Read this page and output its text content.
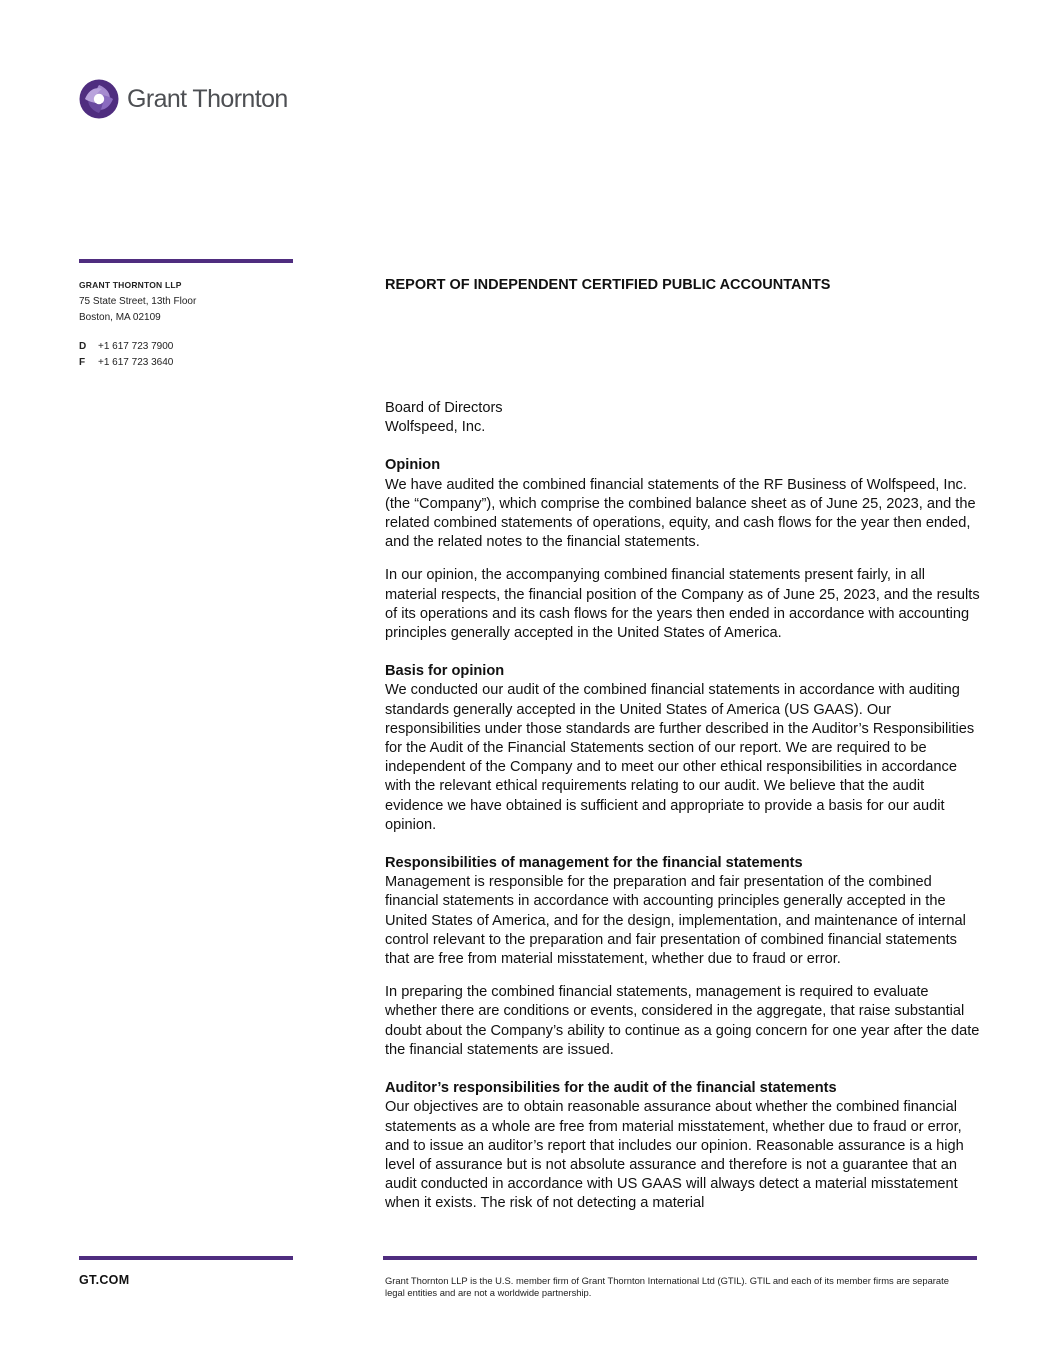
Grant Thornton
GRANT THORNTON LLP
75 State Street, 13th Floor
Boston, MA 02109
D	+1 617 723 7900
F	+1 617 723 3640
REPORT OF INDEPENDENT CERTIFIED PUBLIC ACCOUNTANTS

Board of Directors

Wolfspeed, Inc.

Opinion

We have audited the combined financial statements of the RF Business of Wolfspeed, Inc. (the “Company”), which comprise the combined balance sheet as of June 25, 2023, and the related combined statements of operations, equity, and cash flows for the year then ended, and the related notes to the financial statements.

In our opinion, the accompanying combined financial statements present fairly, in all material respects, the financial position of the Company as of June 25, 2023, and the results of its operations and its cash flows for the years then ended in accordance with accounting principles generally accepted in the United States of America.

Basis for opinion

We conducted our audit of the combined financial statements in accordance with auditing standards generally accepted in the United States of America (US GAAS). Our responsibilities under those standards are further described in the Auditor’s Responsibilities for the Audit of the Financial Statements section of our report. We are required to be independent of the Company and to meet our other ethical responsibilities in accordance with the relevant ethical requirements relating to our audit. We believe that the audit evidence we have obtained is sufficient and appropriate to provide a basis for our audit opinion.

Responsibilities of management for the financial statements

Management is responsible for the preparation and fair presentation of the combined financial statements in accordance with accounting principles generally accepted in the United States of America, and for the design, implementation, and maintenance of internal control relevant to the preparation and fair presentation of combined financial statements that are free from material misstatement, whether due to fraud or error.

In preparing the combined financial statements, management is required to evaluate whether there are conditions or events, considered in the aggregate, that raise substantial doubt about the Company’s ability to continue as a going concern for one year after the date the financial statements are issued.

Auditor’s responsibilities for the audit of the financial statements

Our objectives are to obtain reasonable assurance about whether the combined financial statements as a whole are free from material misstatement, whether due to fraud or error, and to issue an auditor’s report that includes our opinion. Reasonable assurance is a high level of assurance but is not absolute assurance and therefore is not a guarantee that an audit conducted in accordance with US GAAS will always detect a material misstatement when it exists. The risk of not detecting a material

GT.COM	Grant Thornton LLP is the U.S. member firm of Grant Thornton International Ltd (GTIL). GTIL and each of its member firms are separate legal entities and are not a worldwide partnership.
